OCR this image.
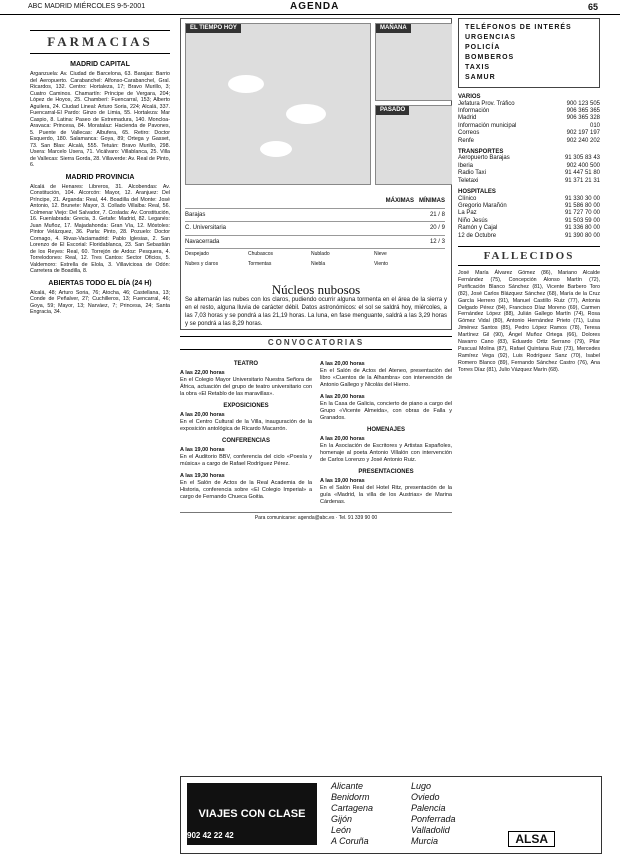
ABC MADRID MIÉRCOLES 9-5-2001	AGENDA	65
FARMACIAS
MADRID CAPITAL

Arganzuela: Av. Ciudad de Barcelona, 63. Barajas: Barrio del Aeropuerto. Carabanchel: Alfonso-Carabanchel, Gral. Ricardos, 132. Centro: Hortaleza, 17; Bravo Murillo, 3; Cuatro Caminos. Chamartín: Príncipe de Vergara, 204; López de Hoyos, 25. Chamberí: Fuencarral, 153; Alberto Aguilera, 24. Ciudad Lineal: Arturo Soria, 224; Alcalá, 337. Fuencarral-El Pardo: Ginzo de Limia, 55. Hortaleza: Mar Caspio, 8. Latina: Paseo de Extremadura, 140. Moncloa-Aravaca: Princesa, 84. Moratalaz: Hacienda de Pavones, 5. Puente de Vallecas: Albufera, 65. Retiro: Doctor Esquerdo, 180. Salamanca: Goya, 89; Ortega y Gasset, 73. San Blas: Alcalá, 555. Tetuán: Bravo Murillo, 298. Usera: Marcelo Usera, 71. Vicálvaro: Villablanca, 25. Villa de Vallecas: Sierra Gorda, 28. Villaverde: Av. Real de Pinto, 6.

MADRID PROVINCIA

Alcalá de Henares: Libreros, 31. Alcobendas: Av. Constitución, 104. Alcorcón: Mayor, 12. Aranjuez: Del Príncipe, 21. Arganda: Real, 44. Boadilla del Monte: José Antonio, 12. Brunete: Mayor, 3. Collado Villalba: Real, 56. Colmenar Viejo: Del Salvador, 7. Coslada: Av. Constitución, 16. Fuenlabrada: Grecia, 3. Getafe: Madrid, 82. Leganés: Juan Muñoz, 17. Majadahonda: Gran Vía, 12. Móstoles: Pintor Velázquez, 36. Parla: Pinto, 28. Pozuelo: Doctor Cornago, 4. Rivas-Vaciamadrid: Pablo Iglesias, 2. San Lorenzo de El Escorial: Floridablanca, 23. San Sebastián de los Reyes: Real, 60. Torrejón de Ardoz: Pesquera, 4. Torrelodones: Real, 12. Tres Cantos: Sector Oficios, 5. Valdemoro: Estrella de Elola, 3. Villaviciosa de Odón: Carretera de Boadilla, 8.

ABIERTAS TODO EL DÍA (24 H)

Alcalá, 48; Arturo Soria, 76; Atocha, 46; Castellana, 13; Conde de Peñalver, 27; Cuchilleros, 13; Fuencarral, 46; Goya, 59; Mayor, 13; Narváez, 7; Princesa, 24; Santa Engracia, 34.

EL TIEMPO HOY	MAÑANA
PASADO
MÁXIMAS MÍNIMAS
Barajas	21 / 8
C. Universitaria	20 / 9
Navacerrada	12 / 3
Despejado	Chubascos	Nublado	Nieve
Nubes y claros	Tormentas	Niebla	Viento
Núcleos nubosos
Se alternarán las nubes con los claros, pudiendo ocurrir alguna tormenta en el área de la sierra y en el resto, alguna lluvia de carácter débil. Datos astronómicos: el sol se saldrá hoy, miércoles, a las 7,03 horas y se pondrá a las 21,19 horas. La luna, en fase menguante, saldrá a las 3,29 horas y se pondrá a las 8,29 horas.
CONVOCATORIAS
TEATRO
A las 22,00 horas
En el Colegio Mayor Universitario Nuestra Señora de África, actuación del grupo de teatro universitario con la obra «El Retablo de las maravillas».
EXPOSICIONES
A las 20,00 horas
En el Centro Cultural de la Villa, inauguración de la exposición antológica de Ricardo Macarrón.
CONFERENCIAS
A las 19,00 horas
En el Auditorio BBV, conferencia del ciclo «Poesía y música» a cargo de Rafael Rodríguez Pérez.
A las 19,30 horas
En el Salón de Actos de la Real Academia de la Historia, conferencia sobre «El Colegio Imperial» a cargo de Fernando Chueca Goitia.
A las 20,00 horas
En el Salón de Actos del Ateneo, presentación del libro «Cuentos de la Alhambra» con intervención de Antonio Gallego y Nicolás del Hierro.
A las 20,00 horas
En la Casa de Galicia, concierto de piano a cargo del Grupo «Vicente Almeida», con obras de Falla y Granados.
HOMENAJES
A las 20,00 horas
En la Asociación de Escritores y Artistas Españoles, homenaje al poeta Antonio Villalón con intervención de Carlos Lorenzo y José Antonio Ruiz.
PRESENTACIONES
A las 19,00 horas
En el Salón Real del Hotel Ritz, presentación de la guía «Madrid, la villa de los Austrias» de Marina Cárdenas.
Para comunicarse: agenda@abc.es · Tel. 91 339 90 00
TELÉFONOS DE INTERÉS
URGENCIAS
POLICÍA
BOMBEROS
TAXIS
SAMUR
VARIOS
Jefatura Prov. Tráfico	900 123 505
Información	906 365 365
Madrid	906 365 328
Información municipal	010
Correos	902 197 197
Renfe	902 240 202
TRANSPORTES
Aeropuerto Barajas	91 305 83 43
Iberia	902 400 500
Radio Taxi	91 447 51 80
Teletaxi	91 371 21 31
HOSPITALES
Clínico	91 330 30 00
Gregorio Marañón	91 586 80 00
La Paz	91 727 70 00
Niño Jesús	91 503 59 00
Ramón y Cajal	91 336 80 00
12 de Octubre	91 390 80 00
FALLECIDOS
José María Álvarez Gómez (86), Mariano Alcalde Fernández (75), Concepción Alonso Martín (72), Purificación Blanco Sánchez (81), Vicente Barbero Toro (82), José Carlos Blázquez Sánchez (68), María de la Cruz García Herrero (91), Manuel Castillo Ruiz (77), Antonia Delgado Pérez (84), Francisco Díaz Moreno (69), Carmen Fernández López (88), Julián Gallego Martín (74), Rosa Gómez Vidal (80), Antonio Hernández Prieto (71), Luisa Jiménez Santos (85), Pedro López Ramos (78), Teresa Martínez Gil (90), Ángel Muñoz Ortega (66), Dolores Navarro Cano (83), Eduardo Ortiz Serrano (79), Pilar Pascual Molina (87), Rafael Quintana Ruiz (73), Mercedes Ramírez Vega (92), Luis Rodríguez Sanz (70), Isabel Romero Blanco (89), Fernando Sánchez Castro (76), Ana Torres Díaz (81), Julio Vázquez Marín (68).
VIAJES CON CLASE
902 42 22 42
Alicante	Lugo
Benidorm	Oviedo
Cartagena	Palencia
Gijón	Ponferrada
León	Valladolid
A Coruña	Murcia	ALSA
